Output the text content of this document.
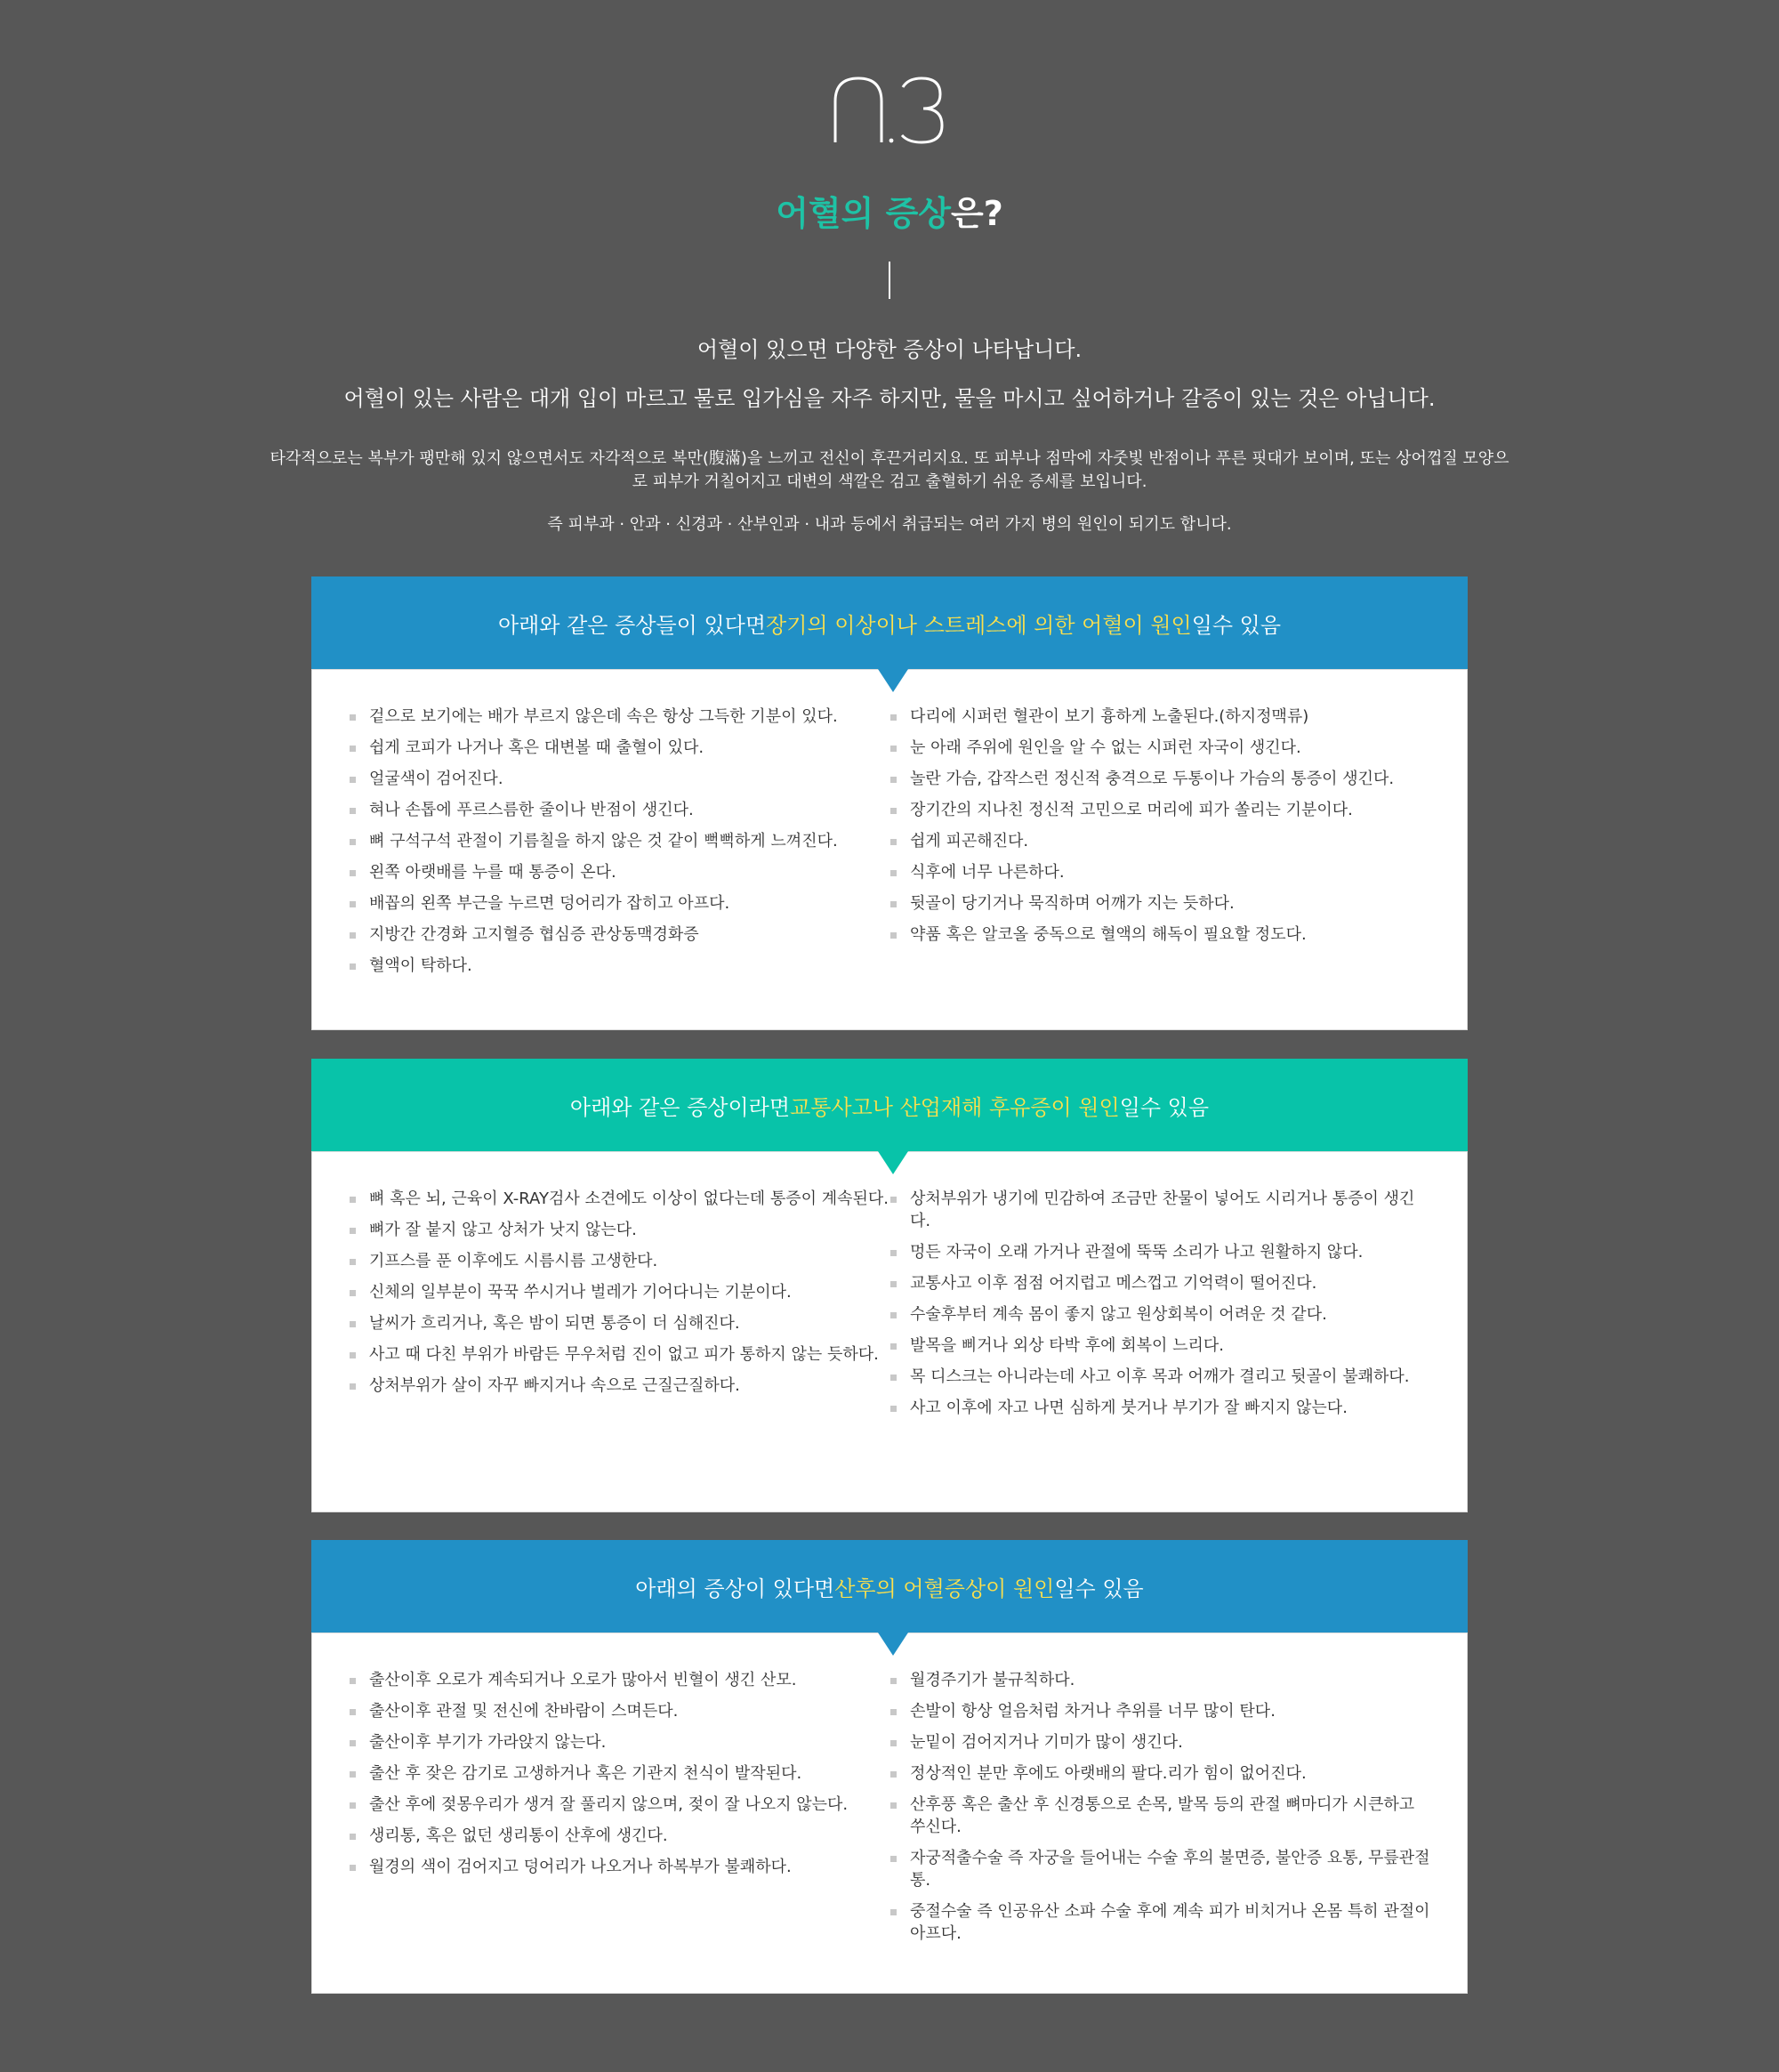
어혈의 증상은?
어혈이 있으면 다양한 증상이 나타납니다.
어혈이 있는 사람은 대개 입이 마르고 물로 입가심을 자주 하지만, 물을 마시고 싶어하거나 갈증이 있는 것은 아닙니다.
타각적으로는 복부가 팽만해 있지 않으면서도 자각적으로 복만(腹滿)을 느끼고 전신이 후끈거리지요. 또 피부나 점막에 자줏빛 반점이나 푸른 핏대가 보이며, 또는 상어껍질 모양으로 피부가 거칠어지고 대변의 색깔은 검고 출혈하기 쉬운 증세를 보입니다.
즉 피부과 · 안과 · 신경과 · 산부인과 · 내과 등에서 취급되는 여러 가지 병의 원인이 되기도 합니다.
아래와 같은 증상들이 있다면 장기의 이상이나 스트레스에 의한 어혈이 원인 일수 있음
겉으로 보기에는 배가 부르지 않은데 속은 항상 그득한 기분이 있다.
쉽게 코피가 나거나 혹은 대변볼 때 출혈이 있다.
얼굴색이 검어진다.
혀나 손톱에 푸르스름한 줄이나 반점이 생긴다.
뼈 구석구석 관절이 기름칠을 하지 않은 것 같이 뻑뻑하게 느껴진다.
왼쪽 아랫배를 누를 때 통증이 온다.
배꼽의 왼쪽 부근을 누르면 덩어리가 잡히고 아프다.
지방간 간경화 고지혈증 협심증 관상동맥경화증
혈액이 탁하다.
다리에 시퍼런 혈관이 보기 흉하게 노출된다.(하지정맥류)
눈 아래 주위에 원인을 알 수 없는 시퍼런 자국이 생긴다.
놀란 가슴, 갑작스런 정신적 충격으로 두통이나 가슴의 통증이 생긴다.
장기간의 지나친 정신적 고민으로 머리에 피가 쏠리는 기분이다.
쉽게 피곤해진다.
식후에 너무 나른하다.
뒷골이 당기거나 묵직하며 어깨가 지는 듯하다.
약품 혹은 알코올 중독으로 혈액의 해독이 필요할 정도다.
아래와 같은 증상이라면 교통사고나 산업재해 후유증이 원인 일수 있음
뼈 혹은 뇌, 근육이 X-RAY검사 소견에도 이상이 없다는데 통증이 계속된다.
뼈가 잘 붙지 않고 상처가 낫지 않는다.
기프스를 푼 이후에도 시름시름 고생한다.
신체의 일부분이 꾹꾹 쑤시거나 벌레가 기어다니는 기분이다.
날씨가 흐리거나, 혹은 밤이 되면 통증이 더 심해진다.
사고 때 다친 부위가 바람든 무우처럼 진이 없고 피가 통하지 않는 듯하다.
상처부위가 살이 자꾸 빠지거나 속으로 근질근질하다.
상처부위가 냉기에 민감하여 조금만 찬물이 넣어도 시리거나 통증이 생긴다.
멍든 자국이 오래 가거나 관절에 뚝뚝 소리가 나고 원활하지 않다.
교통사고 이후 점점 어지럽고 메스껍고 기억력이 떨어진다.
수술후부터 계속 몸이 좋지 않고 원상회복이 어려운 것 같다.
발목을 삐거나 외상 타박 후에 회복이 느리다.
목 디스크는 아니라는데 사고 이후 목과 어깨가 결리고 뒷골이 불쾌하다.
사고 이후에 자고 나면 심하게 붓거나 부기가 잘 빠지지 않는다.
아래의 증상이 있다면 산후의 어혈증상이 원인 일수 있음
출산이후 오로가 계속되거나 오로가 많아서 빈혈이 생긴 산모.
출산이후 관절 및 전신에 찬바람이 스며든다.
출산이후 부기가 가라앉지 않는다.
출산 후 잦은 감기로 고생하거나 혹은 기관지 천식이 발작된다.
출산 후에 젖몽우리가 생겨 잘 풀리지 않으며, 젖이 잘 나오지 않는다.
생리통, 혹은 없던 생리통이 산후에 생긴다.
월경의 색이 검어지고 덩어리가 나오거나 하복부가 불쾌하다.
월경주기가 불규칙하다.
손발이 항상 얼음처럼 차거나 추위를 너무 많이 탄다.
눈밑이 검어지거나 기미가 많이 생긴다.
정상적인 분만 후에도 아랫배의 팔다.리가 힘이 없어진다.
산후풍 혹은 출산 후 신경통으로 손목, 발목 등의 관절 뼈마디가 시큰하고 쑤신다.
자궁적출수술 즉 자궁을 들어내는 수술 후의 불면증, 불안증 요통, 무릎관절통.
중절수술 즉 인공유산 소파 수술 후에 계속 피가 비치거나 온몸 특히 관절이 아프다.
